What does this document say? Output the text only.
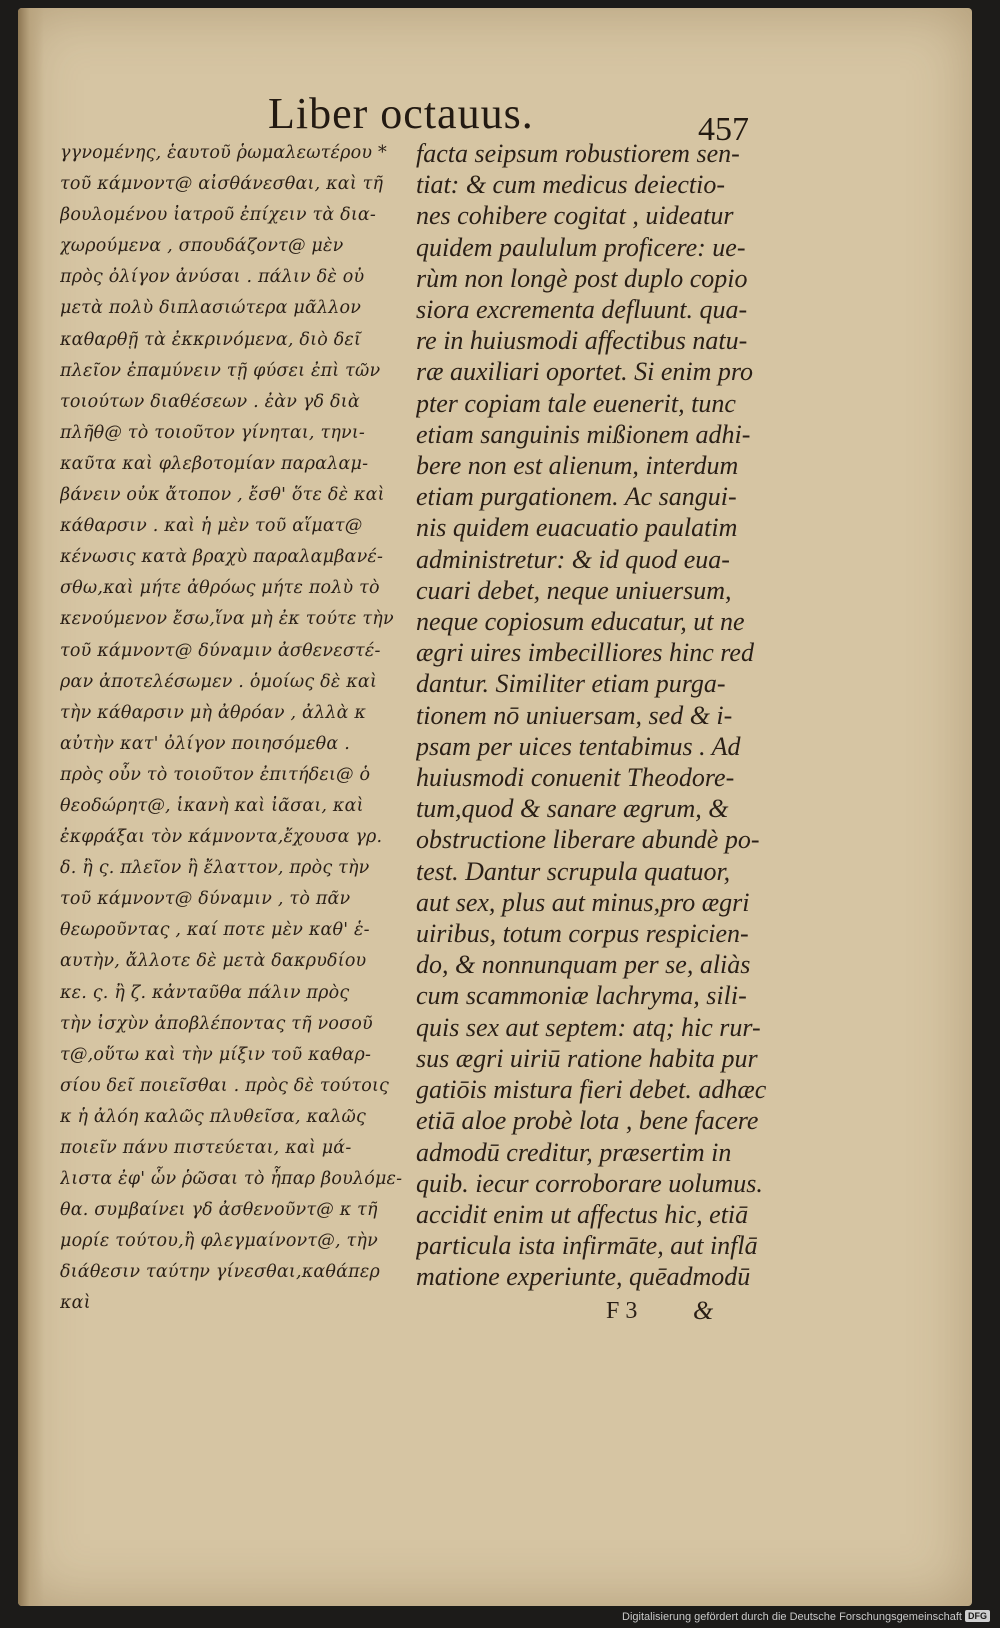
Liber octauus.	457
γγνομένης, ἑαυτοῦ ῥωμαλεωτέρου *
τοῦ κάμνοντ@ αἰσθάνεσθαι, καὶ τῆ
βουλομένου ἰατροῦ ἐπίχειν τὰ δια-
χωρούμενα , σπουδάζοντ@ μὲν
πρὸς ὀλίγον ἀνύσαι . πάλιν δὲ οὐ
μετὰ πολὺ διπλασιώτερα μᾶλλον
καθαρθῇ τὰ ἐκκρινόμενα, διὸ δεῖ
πλεῖον ἐπαμύνειν τῇ φύσει ἐπὶ τῶν
τοιούτων διαθέσεων . ἐὰν γδ διὰ
πλῆθ@ τὸ τοιοῦτον γίνηται, τηνι-
καῦτα καὶ φλεβοτομίαν παραλαμ-
βάνειν οὐκ ἄτοπον , ἔσθ' ὅτε δὲ καὶ
κάθαρσιν . καὶ ἡ μὲν τοῦ αἵματ@
κένωσις κατὰ βραχὺ παραλαμβανέ-
σθω,καὶ μήτε ἀθρόως μήτε πολὺ τὸ
κενούμενον ἔσω,ἵνα μὴ ἐκ τούτε τὴν
τοῦ κάμνοντ@ δύναμιν ἀσθενεστέ-
ραν ἀποτελέσωμεν . ὁμοίως δὲ καὶ
τὴν κάθαρσιν μὴ ἀθρόαν , ἀλλὰ κ
αὐτὴν κατ' ὀλίγον ποιησόμεθα .
πρὸς οὖν τὸ τοιοῦτον ἐπιτήδει@ ὁ
θεοδώρητ@, ἱκανὴ καὶ ἰᾶσαι, καὶ
ἐκφράξαι τὸν κάμνοντα,ἔχουσα γρ.
δ. ἢ ς. πλεῖον ἢ ἔλαττον, πρὸς τὴν
τοῦ κάμνοντ@ δύναμιν , τὸ πᾶν
θεωροῦντας , καί ποτε μὲν καθ' ἑ-
αυτὴν, ἄλλοτε δὲ μετὰ δακρυδίου
κε. ς. ἢ ζ. κἀνταῦθα πάλιν πρὸς
τὴν ἰσχὺν ἀποβλέποντας τῆ νοσοῦ
τ@,οὕτω καὶ τὴν μίξιν τοῦ καθαρ-
σίου δεῖ ποιεῖσθαι . πρὸς δὲ τούτοις
κ ἡ ἀλόη καλῶς πλυθεῖσα, καλῶς
ποιεῖν πάνυ πιστεύεται, καὶ μά-
λιστα ἐφ' ὧν ῥῶσαι τὸ ἧπαρ βουλόμε-
θα. συμβαίνει γδ ἀσθενοῦντ@ κ τῆ
μορίε τούτου,ἢ φλεγμαίνοντ@, τὴν
διάθεσιν ταύτην γίνεσθαι,καθάπερ
καὶ
facta seipsum robustiorem sen-
tiat: & cum medicus deiectio-
nes cohibere cogitat , uideatur
quidem paululum proficere: ue-
rùm non longè post duplo copio
siora excrementa defluunt. qua-
re in huiusmodi affectibus natu-
ræ auxiliari oportet. Si enim pro
pter copiam tale euenerit, tunc
etiam sanguinis mißionem adhi-
bere non est alienum, interdum
etiam purgationem. Ac sangui-
nis quidem euacuatio paulatim
administretur: & id quod eua-
cuari debet, neque uniuersum,
neque copiosum educatur, ut ne
ægri uires imbecilliores hinc red
dantur. Similiter etiam purga-
tionem nō uniuersam, sed & i-
psam per uices tentabimus . Ad
huiusmodi conuenit Theodore-
tum,quod & sanare ægrum, &
obstructione liberare abundè po-
test. Dantur scrupula quatuor,
aut sex, plus aut minus,pro ægri
uiribus, totum corpus respicien-
do, & nonnunquam per se, aliàs
cum scammoniæ lachryma, sili-
quis sex aut septem: atq; hic rur-
sus ægri uiriū ratione habita pur
gatiōis mistura fieri debet. adhæc
etiā aloe probè lota , bene facere
admodū creditur, præsertim in
quib. iecur corroborare uolumus.
accidit enim ut affectus hic, etiā
particula ista infirmāte, aut inflā
matione experiunte, quēadmodū
F 3 &
Digitalisierung gefördert durch die Deutsche Forschungsgemeinschaft DFG
